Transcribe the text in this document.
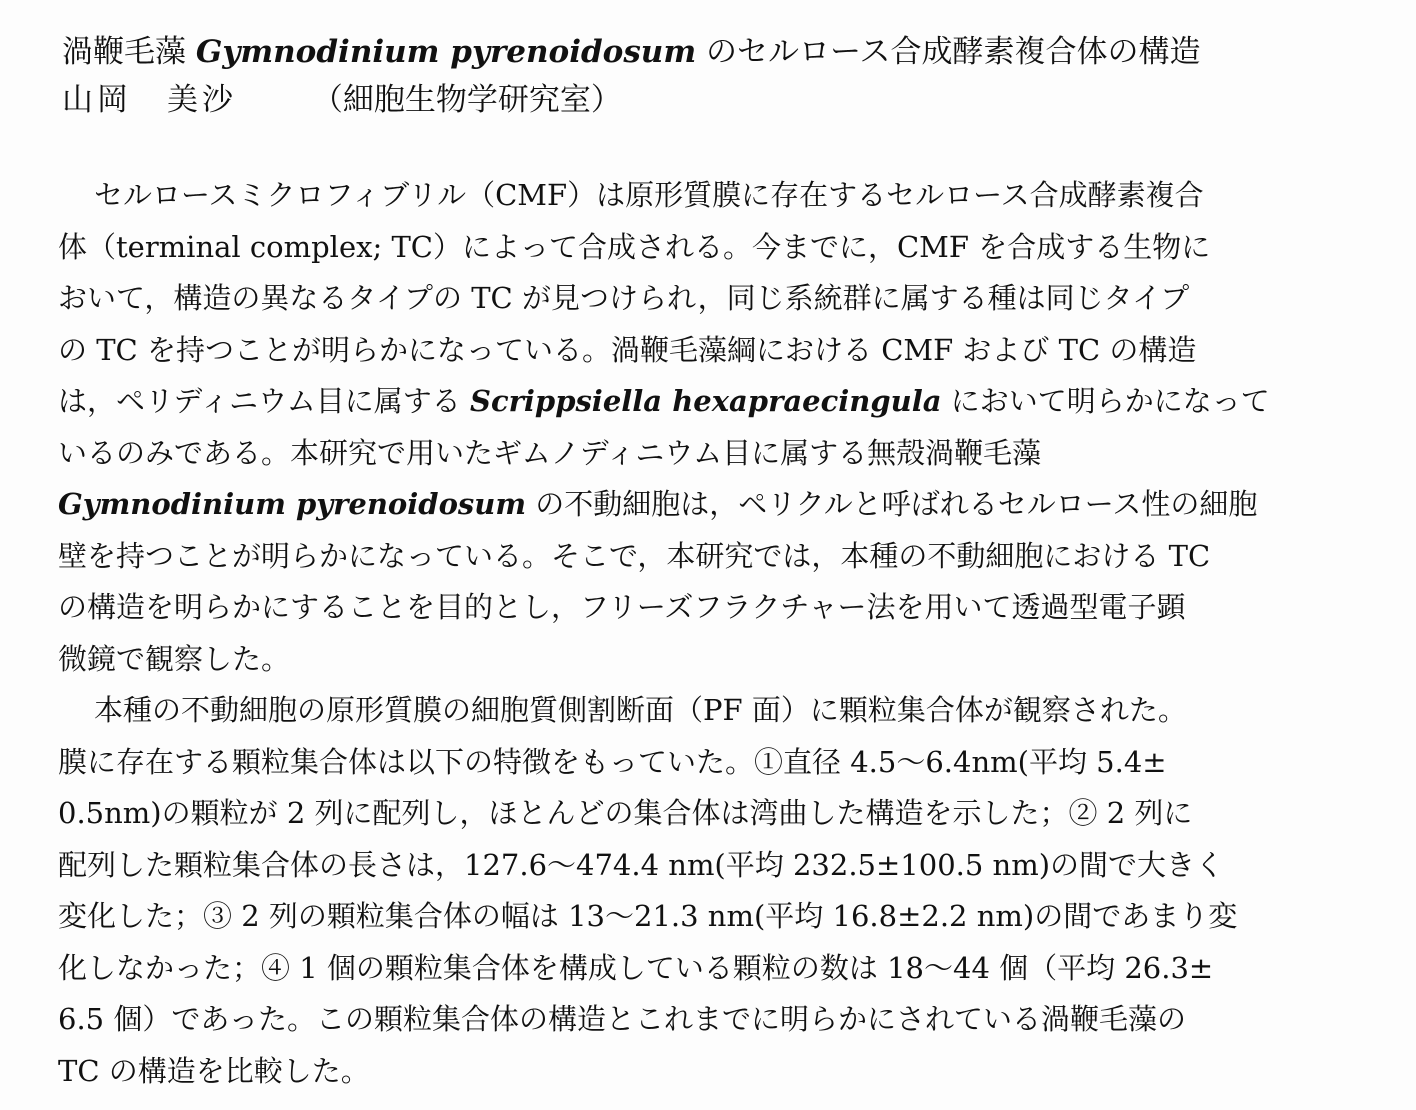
渦鞭毛藻 Gymnodinium pyrenoidosum のセルロース合成酵素複合体の構造
山岡　美沙 （細胞生物学研究室）
セルロースミクロフィブリル（CMF）は原形質膜に存在するセルロース合成酵素複合
体（terminal complex; TC）によって合成される。今までに，CMF を合成する生物に
おいて，構造の異なるタイプの TC が見つけられ，同じ系統群に属する種は同じタイプ
の TC を持つことが明らかになっている。渦鞭毛藻綱における CMF および TC の構造
は，ペリディニウム目に属する Scrippsiella hexapraecingula において明らかになって
いるのみである。本研究で用いたギムノディニウム目に属する無殻渦鞭毛藻
Gymnodinium pyrenoidosum の不動細胞は，ペリクルと呼ばれるセルロース性の細胞
壁を持つことが明らかになっている。そこで，本研究では，本種の不動細胞における TC
の構造を明らかにすることを目的とし，フリーズフラクチャー法を用いて透過型電子顕
微鏡で観察した。
本種の不動細胞の原形質膜の細胞質側割断面（PF 面）に顆粒集合体が観察された。
膜に存在する顆粒集合体は以下の特徴をもっていた。①直径 4.5～6.4nm(平均 5.4±
0.5nm)の顆粒が 2 列に配列し，ほとんどの集合体は湾曲した構造を示した；② 2 列に
配列した顆粒集合体の長さは，127.6～474.4 nm(平均 232.5±100.5 nm)の間で大きく
変化した；③ 2 列の顆粒集合体の幅は 13～21.3 nm(平均 16.8±2.2 nm)の間であまり変
化しなかった；④ 1 個の顆粒集合体を構成している顆粒の数は 18～44 個（平均 26.3±
6.5 個）であった。この顆粒集合体の構造とこれまでに明らかにされている渦鞭毛藻の
TC の構造を比較した。
